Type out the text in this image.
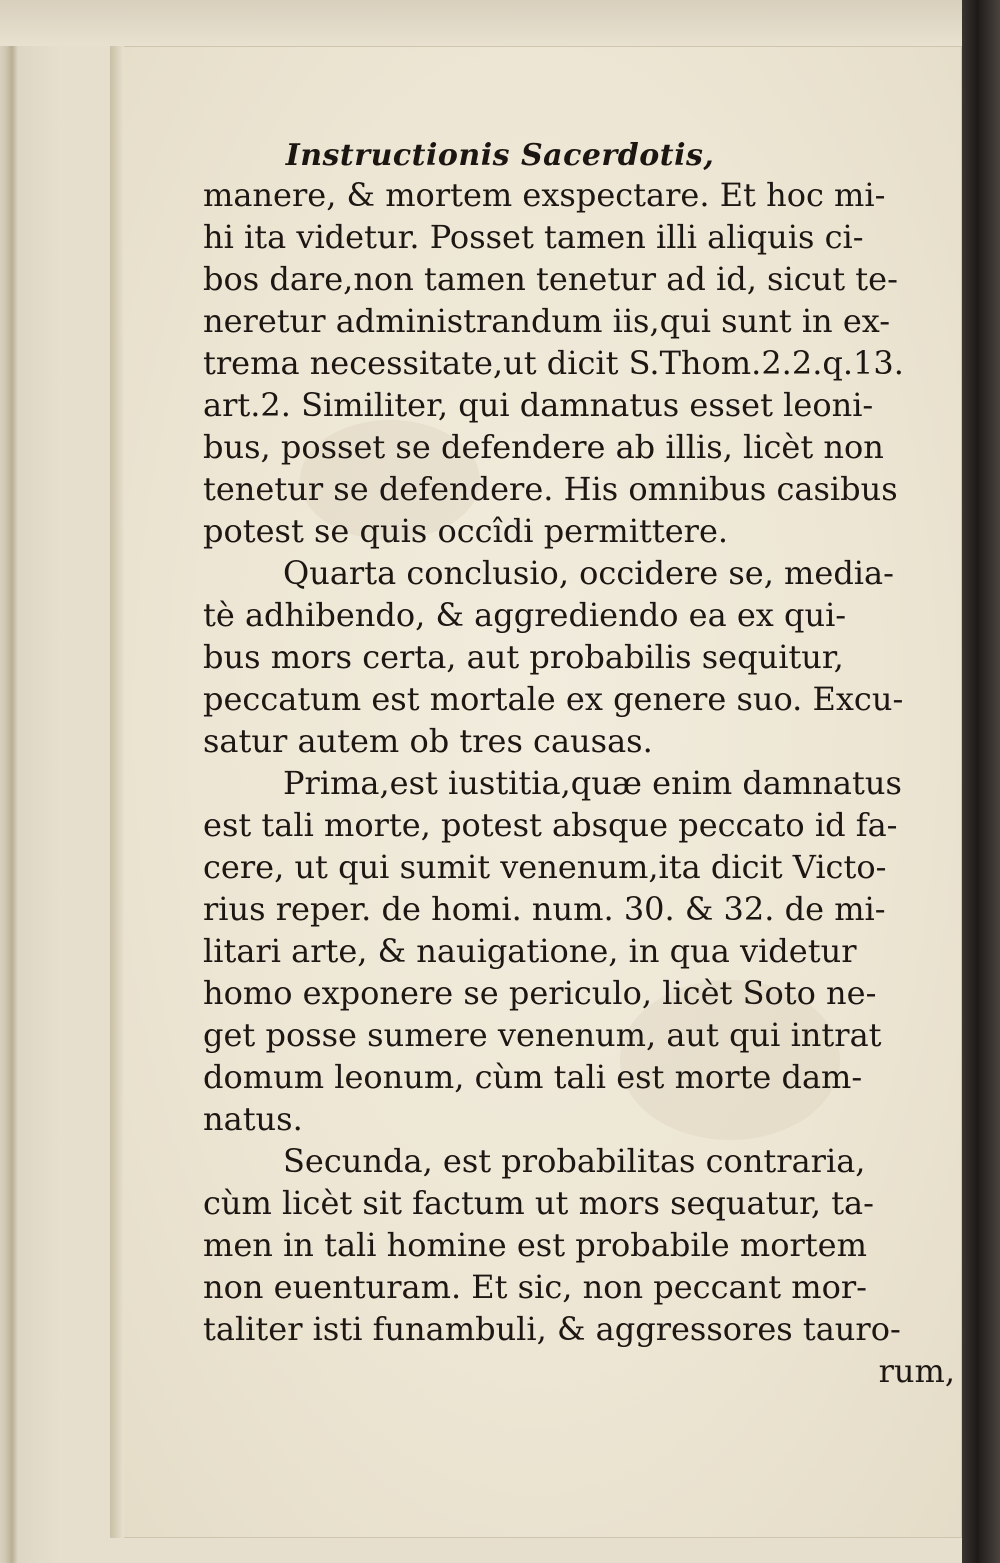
Instructionis Sacerdotis,
manere, & mortem exspectare. Et hoc mi-
hi ita videtur. Posset tamen illi aliquis ci-
bos dare,non tamen tenetur ad id, sicut te-
neretur administrandum iis,qui sunt in ex-
trema necessitate,ut dicit S.Thom.2.2.q.13.
art.2. Similiter, qui damnatus esset leoni-
bus, posset se defendere ab illis, licèt non
tenetur se defendere. His omnibus casibus
potest se quis occîdi permittere.
Quarta conclusio, occidere se, media-
tè adhibendo, & aggrediendo ea ex qui-
bus mors certa, aut probabilis sequitur,
peccatum est mortale ex genere suo. Excu-
satur autem ob tres causas.
Prima,est iustitia,quæ enim damnatus
est tali morte, potest absque peccato id fa-
cere, ut qui sumit venenum,ita dicit Victo-
rius reper. de homi. num. 30. & 32. de mi-
litari arte, & nauigatione, in qua videtur
homo exponere se periculo, licèt Soto ne-
get posse sumere venenum, aut qui intrat
domum leonum, cùm tali est morte dam-
natus.
Secunda, est probabilitas contraria,
cùm licèt sit factum ut mors sequatur, ta-
men in tali homine est probabile mortem
non euenturam. Et sic, non peccant mor-
taliter isti funambuli, & aggressores tauro-
rum,
